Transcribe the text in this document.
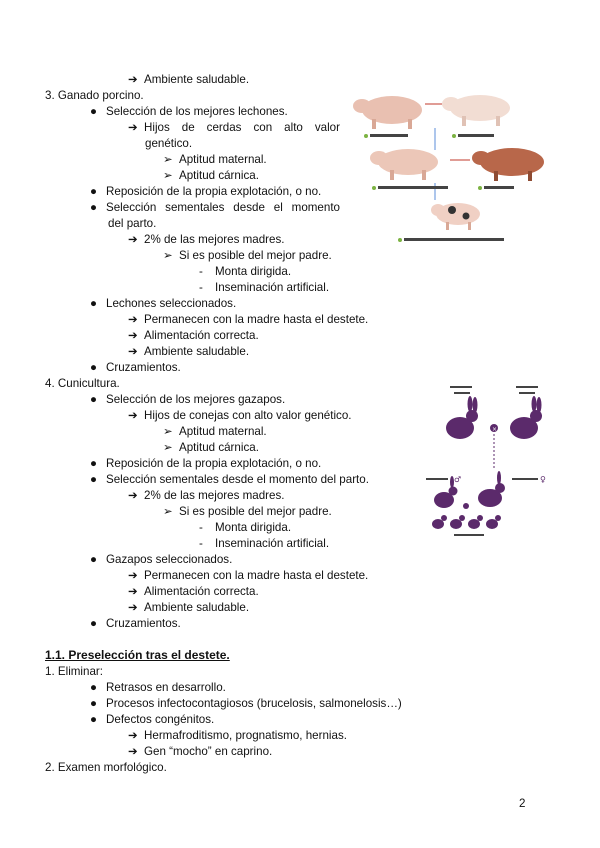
➔ Ambiente saludable.
3. Ganado porcino.
● Selección de los mejores lechones.
➔ Hijos de cerdas con alto valor
genético.
➢ Aptitud maternal.
➢ Aptitud cárnica.
● Reposición de la propia explotación, o no.
● Selección sementales desde el momento
del parto.
➔ 2% de las mejores madres.
➢ Si es posible del mejor padre.
- Monta dirigida.
- Inseminación artificial.
● Lechones seleccionados.
➔ Permanecen con la madre hasta el destete.
➔ Alimentación correcta.
➔ Ambiente saludable.
● Cruzamientos.
4. Cunicultura.
● Selección de los mejores gazapos.
➔ Hijos de conejas con alto valor genético.
➢ Aptitud maternal.
➢ Aptitud cárnica.
● Reposición de la propia explotación, o no.
● Selección sementales desde el momento del parto.
➔ 2% de las mejores madres.
➢ Si es posible del mejor padre.
- Monta dirigida.
- Inseminación artificial.
● Gazapos seleccionados.
➔ Permanecen con la madre hasta el destete.
➔ Alimentación correcta.
➔ Ambiente saludable.
● Cruzamientos.
1.1. Preselección tras el destete.
1. Eliminar:
● Retrasos en desarrollo.
● Procesos infectocontagiosos (brucelosis, salmonelosis…)
● Defectos congénitos.
➔ Hermafroditismo, prognatismo, hernias.
➔ Gen “mocho” en caprino.
2. Examen morfológico.
2
×
♂	♀
